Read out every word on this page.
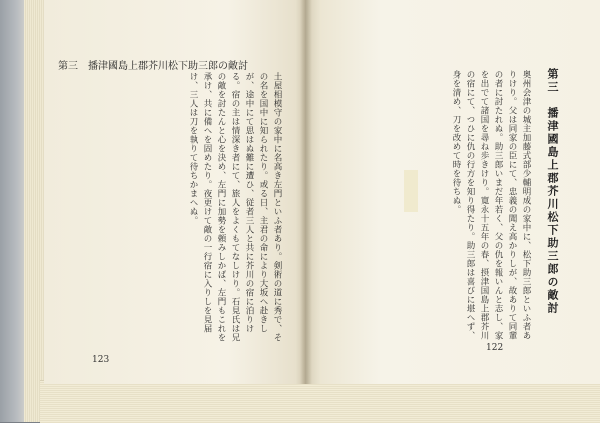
第三　播津國島上郡芥川松下助三郎の敵討
土屋相模守の家中に名高き左門といふ者あり。剣術の道に秀で、その名を国中に知られたり。或る日、主君の命により大坂へ赴きしが、途中にて思はぬ難に遭ひ、従者三人と共に芥川の宿に泊りける。宿の主は情深き者にて、旅人をよくもてなしけり。石見氏は兄の敵を討たんと心を決め、左門に加勢を頼みしかば、左門もこれを承け、共に備へを固めたり。夜更けて敵の一行宿に入りしを見届け、三人は刀を執りて待ちかまへぬ。
123
奥州会津の城主加藤式部少輔明成の家中に、松下助三郎といふ者ありけり。父は同家の臣にて、忠義の聞え高かりしが、故ありて同輩の者に討たれぬ。助三郎いまだ年若く、父の仇を報いんと志し、家を出でて諸国を尋ね歩きけり。寛永十五年の春、摂津国島上郡芥川の宿にて、つひに仇の行方を知り得たり。助三郎は喜びに堪へず、身を清め、刀を改めて時を待ちぬ。	第三　播津國島上郡芥川松下助三郎の敵討
122
